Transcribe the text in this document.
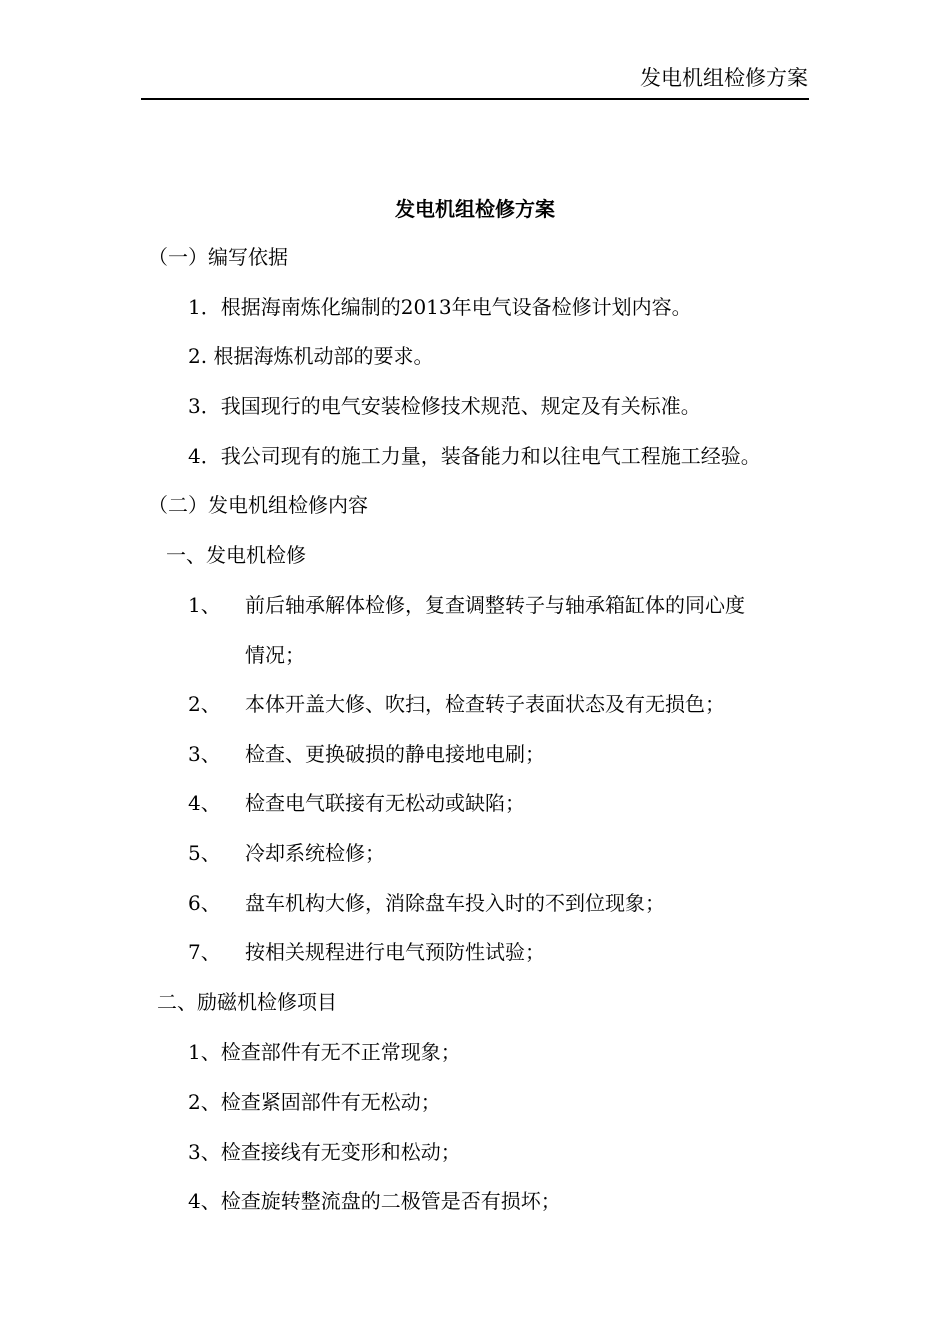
发电机组检修方案
发电机组检修方案
（一）编写依据
1．根据海南炼化编制的2013年电气设备检修计划内容。
2. 根据海炼机动部的要求。
3．我国现行的电气安装检修技术规范、规定及有关标准。
4．我公司现有的施工力量，装备能力和以往电气工程施工经验。
（二）发电机组检修内容
一、发电机检修
1、 前后轴承解体检修，复查调整转子与轴承箱缸体的同心度
情况；
2、 本体开盖大修、吹扫，检查转子表面状态及有无损色；
3、 检查、更换破损的静电接地电刷；
4、 检查电气联接有无松动或缺陷；
5、 冷却系统检修；
6、 盘车机构大修，消除盘车投入时的不到位现象；
7、 按相关规程进行电气预防性试验；
二、励磁机检修项目
1、检查部件有无不正常现象；
2、检查紧固部件有无松动；
3、检查接线有无变形和松动；
4、检查旋转整流盘的二极管是否有损坏；
